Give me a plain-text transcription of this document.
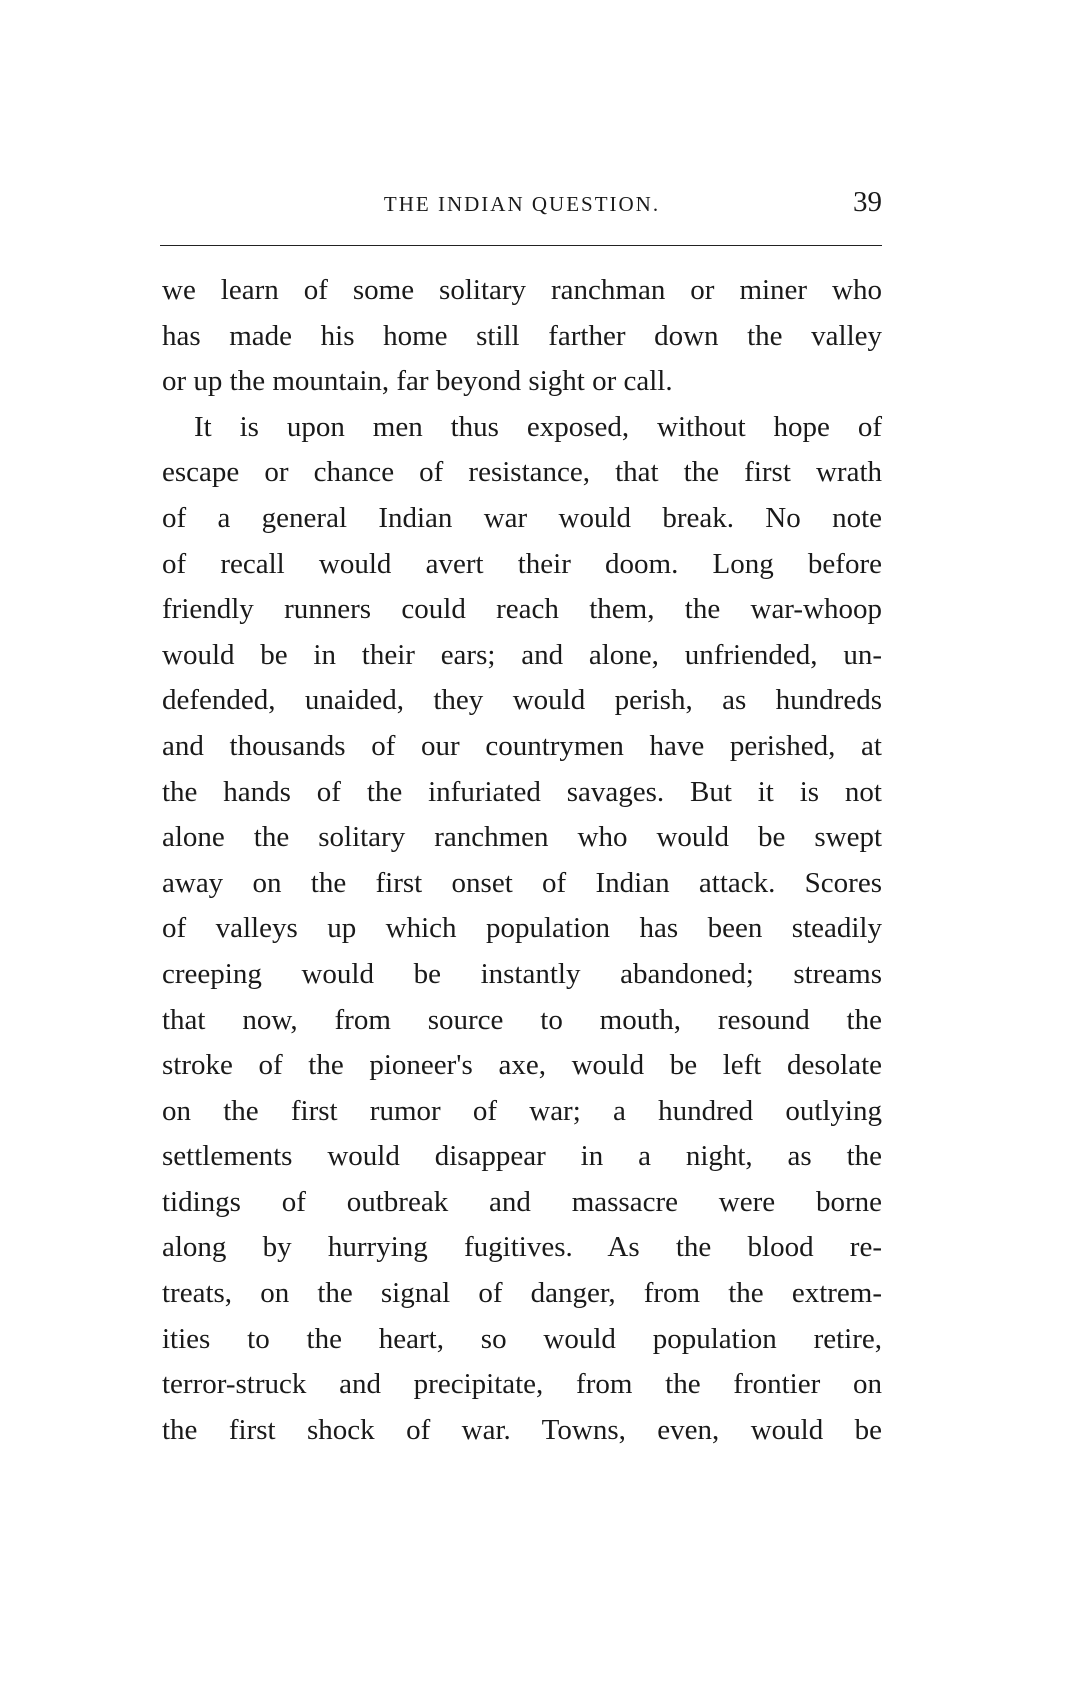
THE INDIAN QUESTION.	39
we learn of some solitary ranchman or miner who
has made his home still farther down the valley
or up the mountain, far beyond sight or call.
It is upon men thus exposed, without hope of
escape or chance of resistance, that the first wrath
of a general Indian war would break. No note
of recall would avert their doom. Long before
friendly runners could reach them, the war-whoop
would be in their ears; and alone, unfriended, un-
defended, unaided, they would perish, as hundreds
and thousands of our countrymen have perished, at
the hands of the infuriated savages. But it is not
alone the solitary ranchmen who would be swept
away on the first onset of Indian attack. Scores
of valleys up which population has been steadily
creeping would be instantly abandoned; streams
that now, from source to mouth, resound the
stroke of the pioneer's axe, would be left desolate
on the first rumor of war; a hundred outlying
settlements would disappear in a night, as the
tidings of outbreak and massacre were borne
along by hurrying fugitives. As the blood re-
treats, on the signal of danger, from the extrem-
ities to the heart, so would population retire,
terror-struck and precipitate, from the frontier on
the first shock of war. Towns, even, would be
